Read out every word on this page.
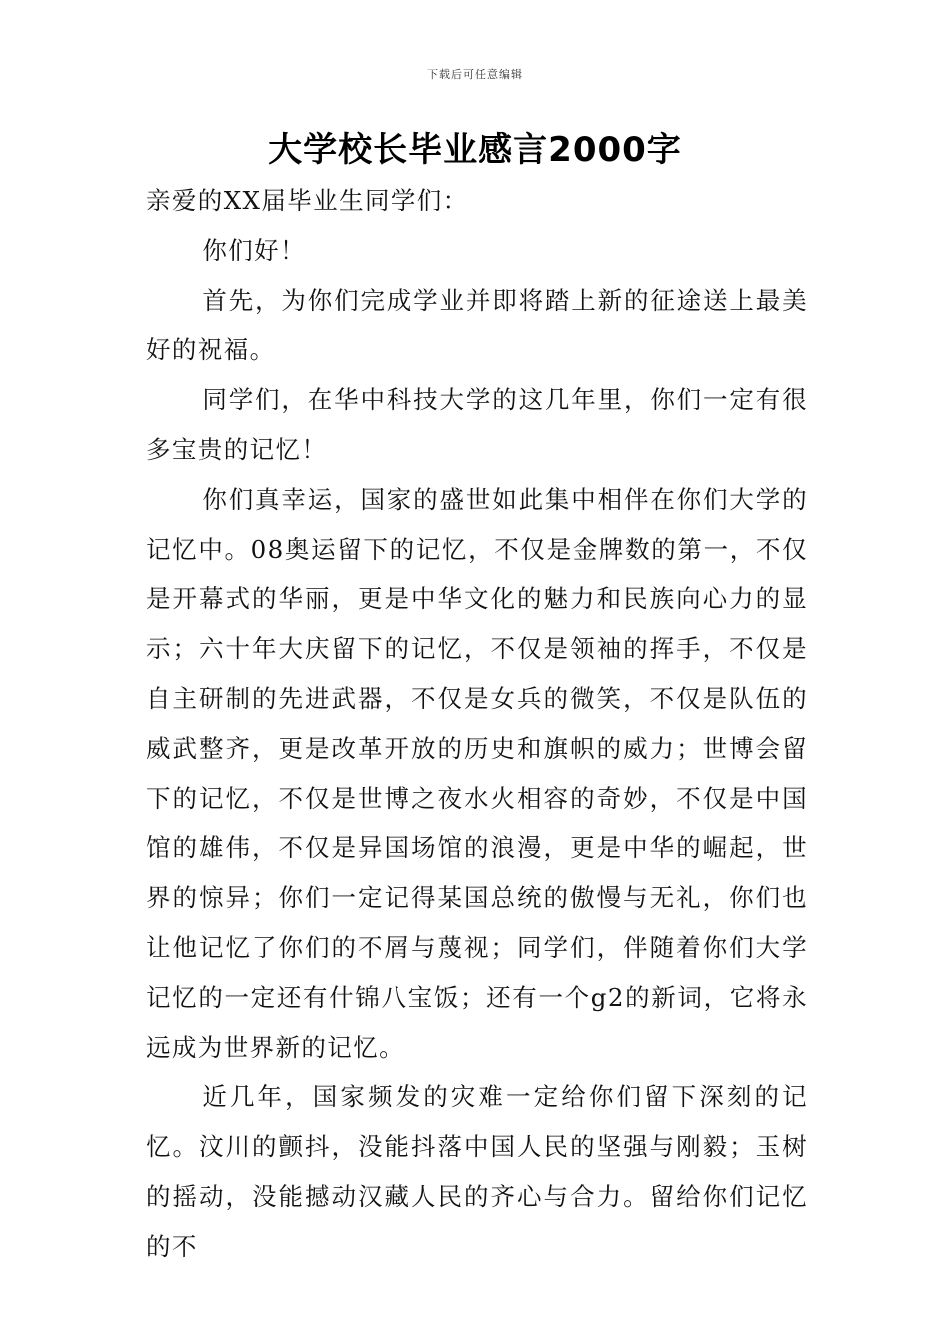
下载后可任意编辑
大学校长毕业感言2000字

亲爱的XX届毕业生同学们：

你们好！

首先，为你们完成学业并即将踏上新的征途送上最美好的祝福。

同学们，在华中科技大学的这几年里，你们一定有很多宝贵的记忆！

你们真幸运，国家的盛世如此集中相伴在你们大学的记忆中。08奥运留下的记忆，不仅是金牌数的第一，不仅是开幕式的华丽，更是中华文化的魅力和民族向心力的显示；六十年大庆留下的记忆，不仅是领袖的挥手，不仅是自主研制的先进武器，不仅是女兵的微笑，不仅是队伍的威武整齐，更是改革开放的历史和旗帜的威力；世博会留下的记忆，不仅是世博之夜水火相容的奇妙，不仅是中国馆的雄伟，不仅是异国场馆的浪漫，更是中华的崛起，世界的惊异；你们一定记得某国总统的傲慢与无礼，你们也让他记忆了你们的不屑与蔑视；同学们，伴随着你们大学记忆的一定还有什锦八宝饭；还有一个g2的新词，它将永远成为世界新的记忆。

近几年，国家频发的灾难一定给你们留下深刻的记忆。汶川的颤抖，没能抖落中国人民的坚强与刚毅；玉树的摇动，没能撼动汉藏人民的齐心与合力。留给你们记忆的不
